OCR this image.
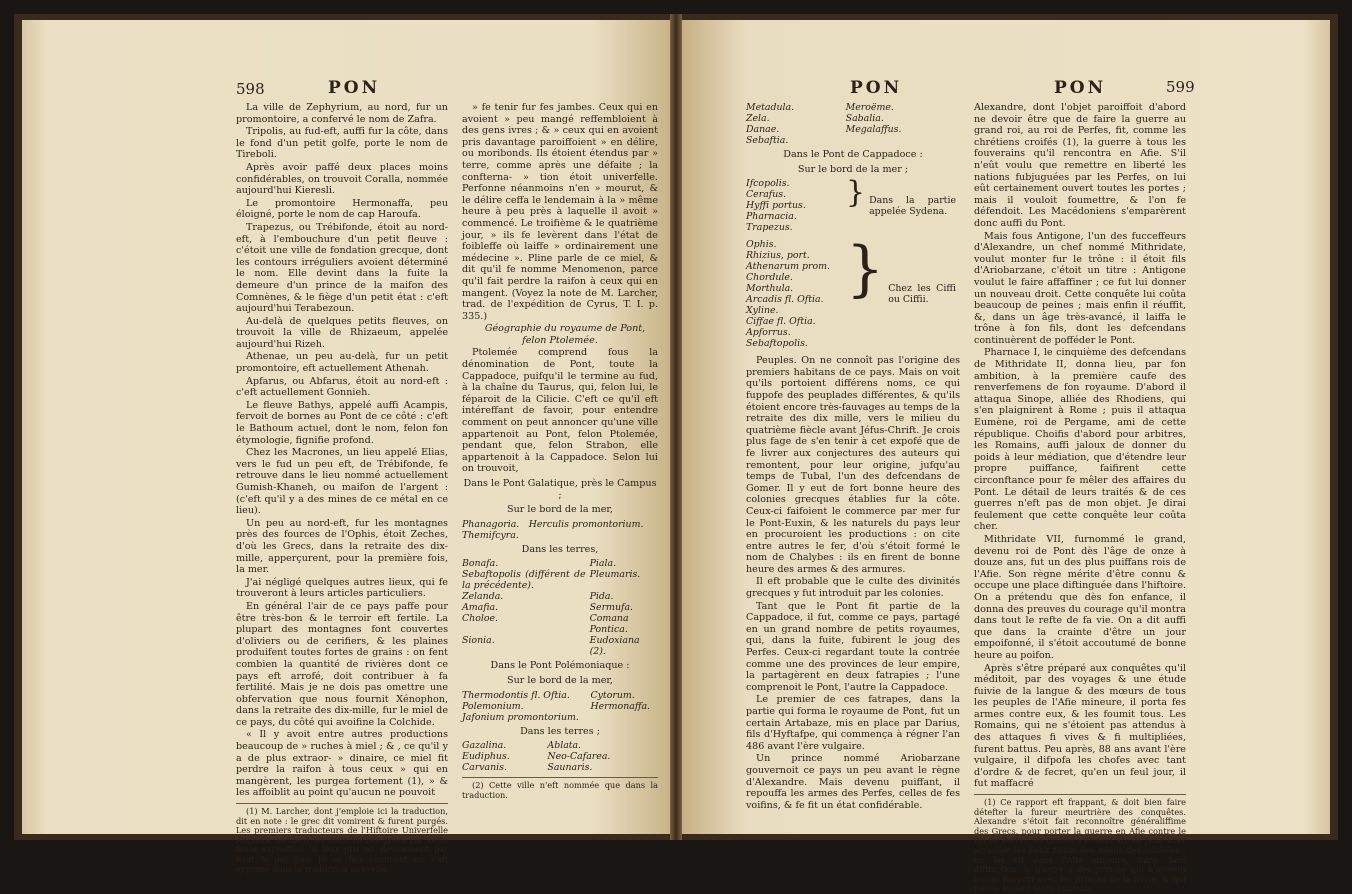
598	PON

La ville de Zephyrium, au nord, fur un promontoire, a confervé le nom de Zafra.

Tripolis, au fud-eft, auffi fur la côte, dans le fond d'un petit golfe, porte le nom de Tireboli.

Après avoir paffé deux places moins confidérables, on trouvoit Coralla, nommée aujourd'hui Kieresli.

Le promontoire Hermonaffa, peu éloigné, porte le nom de cap Haroufa.

Trapezus, ou Trébifonde, étoit au nord-eft, à l'embouchure d'un petit fleuve : c'étoit une ville de fondation grecque, dont les contours irréguliers avoient déterminé le nom. Elle devint dans la fuite la demeure d'un prince de la maifon des Comnènes, & le fiège d'un petit état : c'eft aujourd'hui Terabezoun.

Au-delà de quelques petits fleuves, on trouvoit la ville de Rhizaeum, appelée aujourd'hui Rizeh.

Athenae, un peu au-delà, fur un petit promontoire, eft actuellement Athenah.

Apfarus, ou Abfarus, étoit au nord-eft : c'eft actuellement Gonnieh.

Le fleuve Bathys, appelé auffi Acampis, fervoit de bornes au Pont de ce côté : c'eft le Bathoum actuel, dont le nom, felon fon étymologie, fignifie profond.

Chez les Macrones, un lieu appelé Elias, vers le fud un peu eft, de Trébifonde, fe retrouve dans le lieu nommé actuellement Gumish-Khaneh, ou maifon de l'argent : (c'eft qu'il y a des mines de ce métal en ce lieu).

Un peu au nord-eft, fur les montagnes près des fources de l'Ophis, étoit Zeches, d'où les Grecs, dans la retraite des dix-mille, apperçurent, pour la première fois, la mer.

J'ai négligé quelques autres lieux, qui fe trouveront à leurs articles particuliers.

En général l'air de ce pays paffe pour être très-bon & le terroir eft fertile. La plupart des montagnes font couvertes d'oliviers ou de cerifiers, & les plaines produifent toutes fortes de grains : on fent combien la quantité de rivières dont ce pays eft arrofé, doit contribuer à fa fertilité. Mais je ne dois pas omettre une obfervation que nous fournit Xénophon, dans la retraite des dix-mille, fur le miel de ce pays, du côté qui avoifine la Colchide.

« Il y avoit entre autres productions beaucoup de » ruches à miel ; & , ce qu'il y a de plus extraor- » dinaire, ce miel fit perdre la raifon à tous ceux » qui en mangèrent, les purgea fortement (1), » & les affoiblit au point qu'aucun ne pouvoit

(1) M. Larcher, dont j'emploie ici la traduction, dit en note : le grec dit vomirent & furent purgés. Les premiers traducteurs de l'Hiftoire Univerfelle Anglaife, rendent les deux verbes grecs par cette feule expreffion, il leur prit un dévoiement par haut & par bas. Je ne fais comment on s'eft exprimé dans la traduction nouvelle.

» fe tenir fur fes jambes. Ceux qui en avoient » peu mangé reffembloient à des gens ivres ; & » ceux qui en avoient pris davantage paroiffoient » en délire, ou moribonds. Ils étoient étendus par » terre, comme après une défaite ; la confterna- » tion étoit univerfelle. Perfonne néanmoins n'en » mourut, & le délire ceffa le lendemain à la » même heure à peu près à laquelle il avoit » commencé. Le troifième & le quatrième jour, » ils fe levèrent dans l'état de foibleffe où laiffe » ordinairement une médecine ». Pline parle de ce miel, & dit qu'il fe nomme Menomenon, parce qu'il fait perdre la raifon à ceux qui en mangent. (Voyez la note de M. Larcher, trad. de l'expédition de Cyrus, T. I. p. 335.)

Géographie du royaume de Pont, felon Ptolemée.

Ptolemée comprend fous la dénomination de Pont, toute la Cappadoce, puifqu'il le termine au fud, à la chaîne du Taurus, qui, felon lui, le féparoit de la Cilicie. C'eft ce qu'il eft intéreffant de favoir, pour entendre comment on peut annoncer qu'une ville appartenoit au Pont, felon Ptolemée, pendant que, felon Strabon, elle appartenoit à la Cappadoce. Selon lui on trouvoit,

Dans le Pont Galatique, près le Campus ;

Sur le bord de la mer,

Phanagoria.	Herculis promontorium.
Themifcyra.	

Dans les terres,

Bonafa.	Piala.
Sebaftopolis (différent de la précédente).	Pleumaris.
Zelanda.	Pida.
Amafia.	Sermufa.
Choloe.	Comana Pontica.
Sionia.	Eudoxiana (2).

Dans le Pont Polémoniaque :

Sur le bord de la mer,

Thermodontis fl. Oftia.	Cytorum.
Polemonium.	Hermonaffa.
Jafonium promontorium.	

Dans les terres ;

Gazalina.	Ablata.
Eudiphus.	Neo-Cafarea.
Carvanis.	Saunaris.

(2) Cette ville n'eft nommée que dans la traduction.

PON	PON	599
Metadula.	Meroëme.
Zela.	Sabalia.
Danae.	Megalaffus.
Sebaftia.	

Dans le Pont de Cappadoce :

Sur le bord de la mer ;

Ifcopolis.
Cerafus.
Hyffi portus.
Pharnacia.
Trapezus.
	}	Dans la partie appelée Sydena.
Ophis.
Rhizius, port.
Athenarum prom.
Chordule.
Morthula.
Arcadis fl. Oftia.
Xyline.
Ciffae fl. Oftia.
Apforrus.
Sebaftopolis.
	}	Chez les Ciffi ou Ciffii.

Peuples. On ne connoît pas l'origine des premiers habitans de ce pays. Mais on voit qu'ils portoient différens noms, ce qui fuppofe des peuplades différentes, & qu'ils étoient encore très-fauvages au temps de la retraite des dix mille, vers le milieu du quatrième fiècle avant Jéfus-Chrift. Je crois plus fage de s'en tenir à cet expofé que de fe livrer aux conjectures des auteurs qui remontent, pour leur origine, jufqu'au temps de Tubal, l'un des defcendans de Gomer. Il y eut de fort bonne heure des colonies grecques établies fur la côte. Ceux-ci faifoient le commerce par mer fur le Pont-Euxin, & les naturels du pays leur en procuroient les productions : on cite entre autres le fer, d'où s'étoit formé le nom de Chalybes : ils en firent de bonne heure des armes & des armures.

Il eft probable que le culte des divinités grecques y fut introduit par les colonies.

Tant que le Pont fit partie de la Cappadoce, il fut, comme ce pays, partagé en un grand nombre de petits royaumes, qui, dans la fuite, fubirent le joug des Perfes. Ceux-ci regardant toute la contrée comme une des provinces de leur empire, la partagèrent en deux fatrapies ; l'une comprenoit le Pont, l'autre la Cappadoce.

Le premier de ces fatrapes, dans la partie qui forma le royaume de Pont, fut un certain Artabaze, mis en place par Darius, fils d'Hyftafpe, qui commença à régner l'an 486 avant l'ère vulgaire.

Un prince nommé Ariobarzane gouvernoit ce pays un peu avant le règne d'Alexandre. Mais devenu puiffant, il repouffa les armes des Perfes, celles de fes voifins, & fe fit un état confidérable.

Alexandre, dont l'objet paroiffoit d'abord ne devoir être que de faire la guerre au grand roi, au roi de Perfes, fit, comme les chrétiens croifés (1), la guerre à tous les fouverains qu'il rencontra en Afie. S'il n'eût voulu que remettre en liberté les nations fubjuguées par les Perfes, on lui eût certainement ouvert toutes les portes ; mais il vouloit foumettre, & l'on fe défendoit. Les Macédoniens s'emparèrent donc auffi du Pont.

Mais fous Antigone, l'un des fucceffeurs d'Alexandre, un chef nommé Mithridate, voulut monter fur le trône : il étoit fils d'Ariobarzane, c'étoit un titre : Antigone voulut le faire affaffiner ; ce fut lui donner un nouveau droit. Cette conquête lui coûta beaucoup de peines ; mais enfin il réuffit, &, dans un âge très-avancé, il laiffa le trône à fon fils, dont les defcendans continuèrent de pofféder le Pont.

Pharnace I, le cinquième des defcendans de Mithridate II, donna lieu, par fon ambition, à la première caufe des renverfemens de fon royaume. D'abord il attaqua Sinope, alliée des Rhodiens, qui s'en plaignirent à Rome ; puis il attaqua Eumène, roi de Pergame, ami de cette république. Choifis d'abord pour arbitres, les Romains, auffi jaloux de donner du poids à leur médiation, que d'étendre leur propre puiffance, faifirent cette circonftance pour fe mêler des affaires du Pont. Le détail de leurs traités & de ces guerres n'eft pas de mon objet. Je dirai feulement que cette conquête leur coûta cher.

Mithridate VII, furnommé le grand, devenu roi de Pont dès l'âge de onze à douze ans, fut un des plus puiffans rois de l'Afie. Son règne mérite d'être connu & occupe une place diftinguée dans l'hiftoire. On a prétendu que dès fon enfance, il donna des preuves du courage qu'il montra dans tout le refte de fa vie. On a dit auffi que dans la crainte d'être un jour empoifonné, il s'étoit accoutumé de bonne heure au poifon.

Après s'être préparé aux conquêtes qu'il méditoit, par des voyages & une étude fuivie de la langue & des mœurs de tous les peuples de l'Afie mineure, il porta fes armes contre eux, & les foumit tous. Les Romains, qui ne s'étoient pas attendus à des attaques fi vives & fi multipliées, furent battus. Peu après, 88 ans avant l'ère vulgaire, il difpofa les chofes avec tant d'ordre & de fecret, qu'en un feul jour, il fut maffacré

(1) Ce rapport eft frappant, & doit bien faire détefter la fureur meurtrière des conquêtes. Alexandre s'étoit fait reconnoître généraliffime des Grecs, pour porter la guerre en Afie contre le roi de Perfe ; les croifés s'étoient armés pour aller arracher les lieux faints des mains des infidèles : on les vit dans l'Afie mineure, faire, fans diftinction, la guerre à des princes qui n'avoient aucun rapport avec les princes de la Syrie, & qui même étoient leurs ennemis.
